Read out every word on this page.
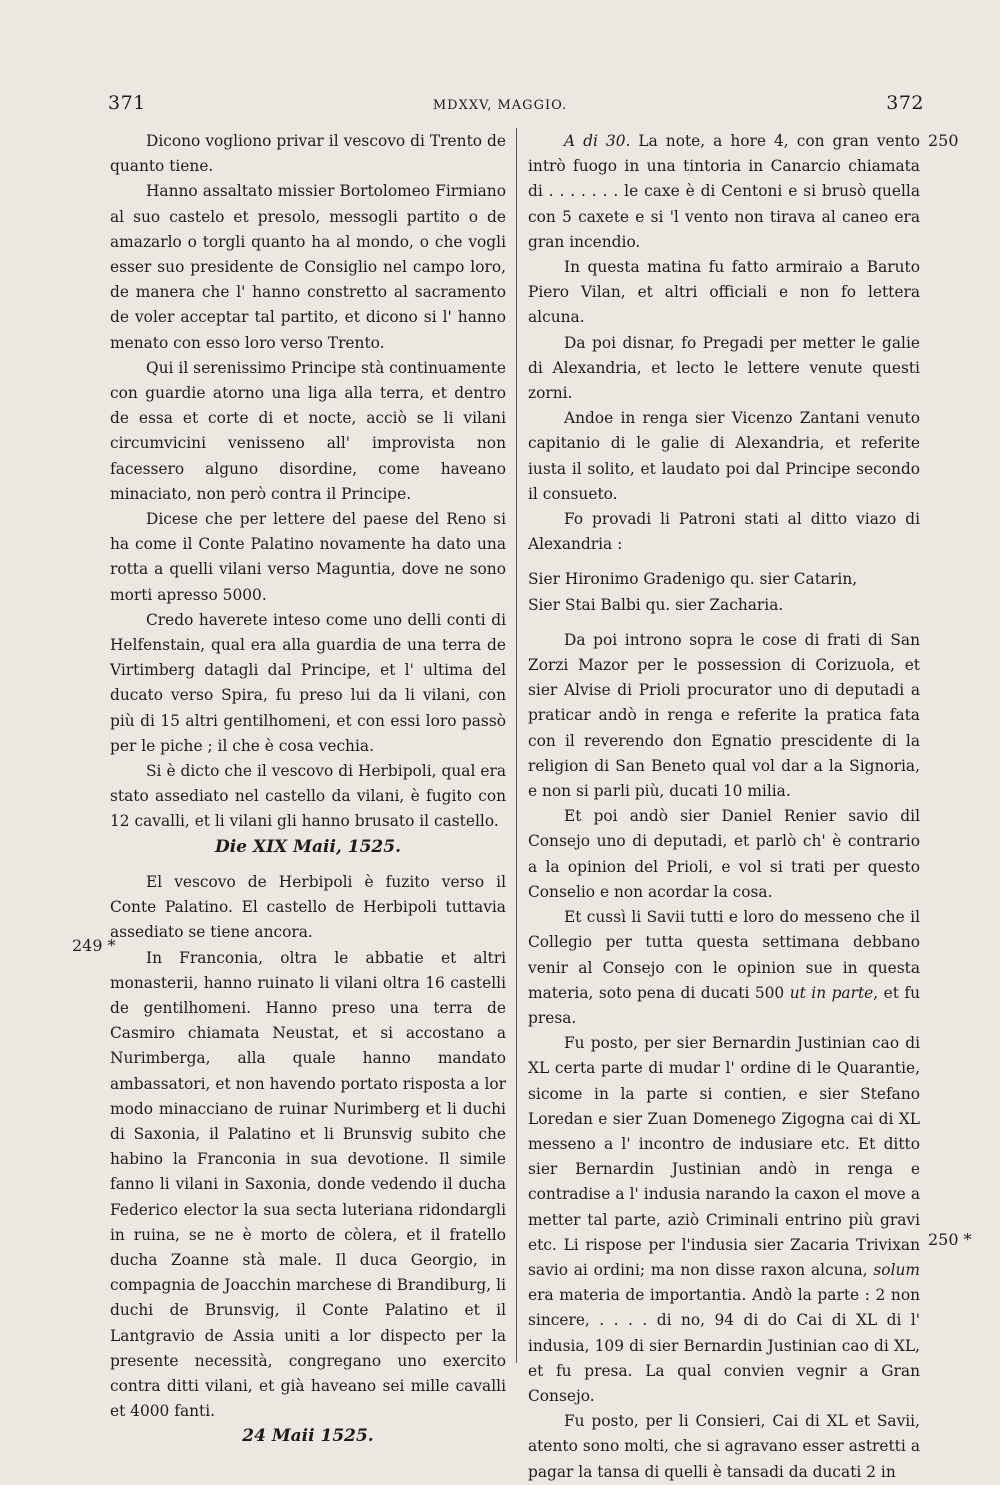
371	MDXXV, MAGGIO.	372
249 *
250
250 *

Dicono vogliono privar il vescovo di Trento de quanto tiene.

Hanno assaltato missier Bortolomeo Firmiano al suo castelo et presolo, messogli partito o de amazarlo o torgli quanto ha al mondo, o che vogli esser suo presidente de Consiglio nel campo loro, de manera che l' hanno constretto al sacramento de voler acceptar tal partito, et dicono si l' hanno menato con esso loro verso Trento.

Qui il serenissimo Principe stà continuamente con guardie atorno una liga alla terra, et dentro de essa et corte di et nocte, acciò se li vilani circumvicini venisseno all' improvista non facessero alguno disordine, come haveano minaciato, non però contra il Principe.

Dicese che per lettere del paese del Reno si ha come il Conte Palatino novamente ha dato una rotta a quelli vilani verso Maguntia, dove ne sono morti apresso 5000.

Credo haverete inteso come uno delli conti di Helfenstain, qual era alla guardia de una terra de Virtimberg datagli dal Principe, et l' ultima del ducato verso Spira, fu preso lui da li vilani, con più di 15 altri gentilhomeni, et con essi loro passò per le piche ; il che è cosa vechia.

Si è dicto che il vescovo di Herbipoli, qual era stato assediato nel castello da vilani, è fugito con 12 cavalli, et li vilani gli hanno brusato il castello.

Die XIX Maii, 1525.

El vescovo de Herbipoli è fuzito verso il Conte Palatino. El castello de Herbipoli tuttavia assediato se tiene ancora.

In Franconia, oltra le abbatie et altri monasterii, hanno ruinato li vilani oltra 16 castelli de gentilhomeni. Hanno preso una terra de Casmiro chiamata Neustat, et si accostano a Nurimberga, alla quale hanno mandato ambassatori, et non havendo portato risposta a lor modo minacciano de ruinar Nurimberg et li duchi di Saxonia, il Palatino et li Brunsvig subito che habino la Franconia in sua devotione. Il simile fanno li vilani in Saxonia, donde vedendo il ducha Federico elector la sua secta luteriana ridondargli in ruina, se ne è morto de còlera, et il fratello ducha Zoanne stà male. Il duca Georgio, in compagnia de Joacchin marchese di Brandiburg, li duchi de Brunsvig, il Conte Palatino et il Lantgravio de Assia uniti a lor dispecto per la presente necessità, congregano uno exercito contra ditti vilani, et già haveano sei mille cavalli et 4000 fanti.

24 Maii 1525.

A di 30. La note, a hore 4, con gran vento intrò fuogo in una tintoria in Canarcio chiamata di . . . . . . . le caxe è di Centoni e si brusò quella con 5 caxete e si 'l vento non tirava al caneo era gran incendio.

In questa matina fu fatto armiraio a Baruto Piero Vilan, et altri officiali e non fo lettera alcuna.

Da poi disnar, fo Pregadi per metter le galie di Alexandria, et lecto le lettere venute questi zorni.

Andoe in renga sier Vicenzo Zantani venuto capitanio di le galie di Alexandria, et referite iusta il solito, et laudato poi dal Principe secondo il consueto.

Fo provadi li Patroni stati al ditto viazo di Alexandria :

Sier Hironimo Gradenigo qu. sier Catarin,

Sier Stai Balbi qu. sier Zacharia.

Da poi introno sopra le cose di frati di San Zorzi Mazor per le possession di Corizuola, et sier Alvise di Prioli procurator uno di deputadi a praticar andò in renga e referite la pratica fata con il reverendo don Egnatio prescidente di la religion di San Beneto qual vol dar a la Signoria, e non si parli più, ducati 10 milia.

Et poi andò sier Daniel Renier savio dil Consejo uno di deputadi, et parlò ch' è contrario a la opinion del Prioli, e vol si trati per questo Conselio e non acordar la cosa.

Et cussì li Savii tutti e loro do messeno che il Collegio per tutta questa settimana debbano venir al Consejo con le opinion sue in questa materia, soto pena di ducati 500 ut in parte, et fu presa.

Fu posto, per sier Bernardin Justinian cao di XL certa parte di mudar l' ordine di le Quarantie, sicome in la parte si contien, e sier Stefano Loredan e sier Zuan Domenego Zigogna cai di XL messeno a l' incontro de indusiare etc. Et ditto sier Bernardin Justinian andò in renga e contradise a l' indusia narando la caxon el move a metter tal parte, aziò Criminali entrino più gravi etc. Li rispose per l'indusia sier Zacaria Trivixan savio ai ordini; ma non disse raxon alcuna, solum era materia de importantia. Andò la parte : 2 non sincere, . . . . di no, 94 di do Cai di XL di l' indusia, 109 di sier Bernardin Justinian cao di XL, et fu presa. La qual convien vegnir a Gran Consejo.

Fu posto, per li Consieri, Cai di XL et Savii, atento sono molti, che si agravano esser astretti a pagar la tansa di quelli è tansadi da ducati 2 in
